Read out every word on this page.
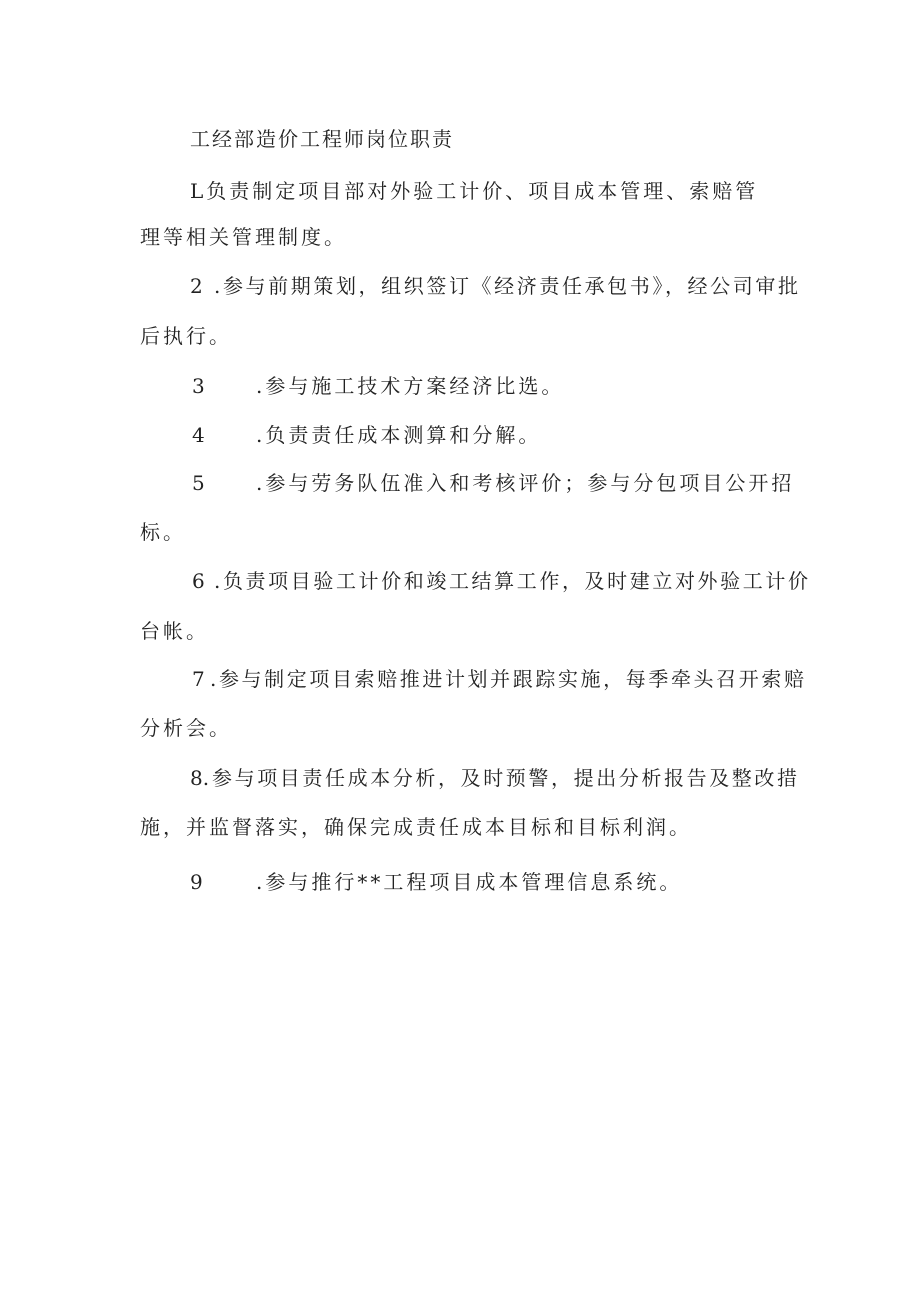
工经部造价工程师岗位职责

L负责制定项目部对外验工计价、项目成本管理、索赔管

理等相关管理制度。

2 .参与前期策划，组织签订《经济责任承包书》，经公司审批

后执行。

3	.参与施工技术方案经济比选。

4	.负责责任成本测算和分解。

5	.参与劳务队伍准入和考核评价；参与分包项目公开招

标。

6 .负责项目验工计价和竣工结算工作，及时建立对外验工计价

台帐。

7 .参与制定项目索赔推进计划并跟踪实施，每季牵头召开索赔

分析会。

8. 参与项目责任成本分析，及时预警，提出分析报告及整改措

施，并监督落实，确保完成责任成本目标和目标利润。

9	.参与推行**工程项目成本管理信息系统。
